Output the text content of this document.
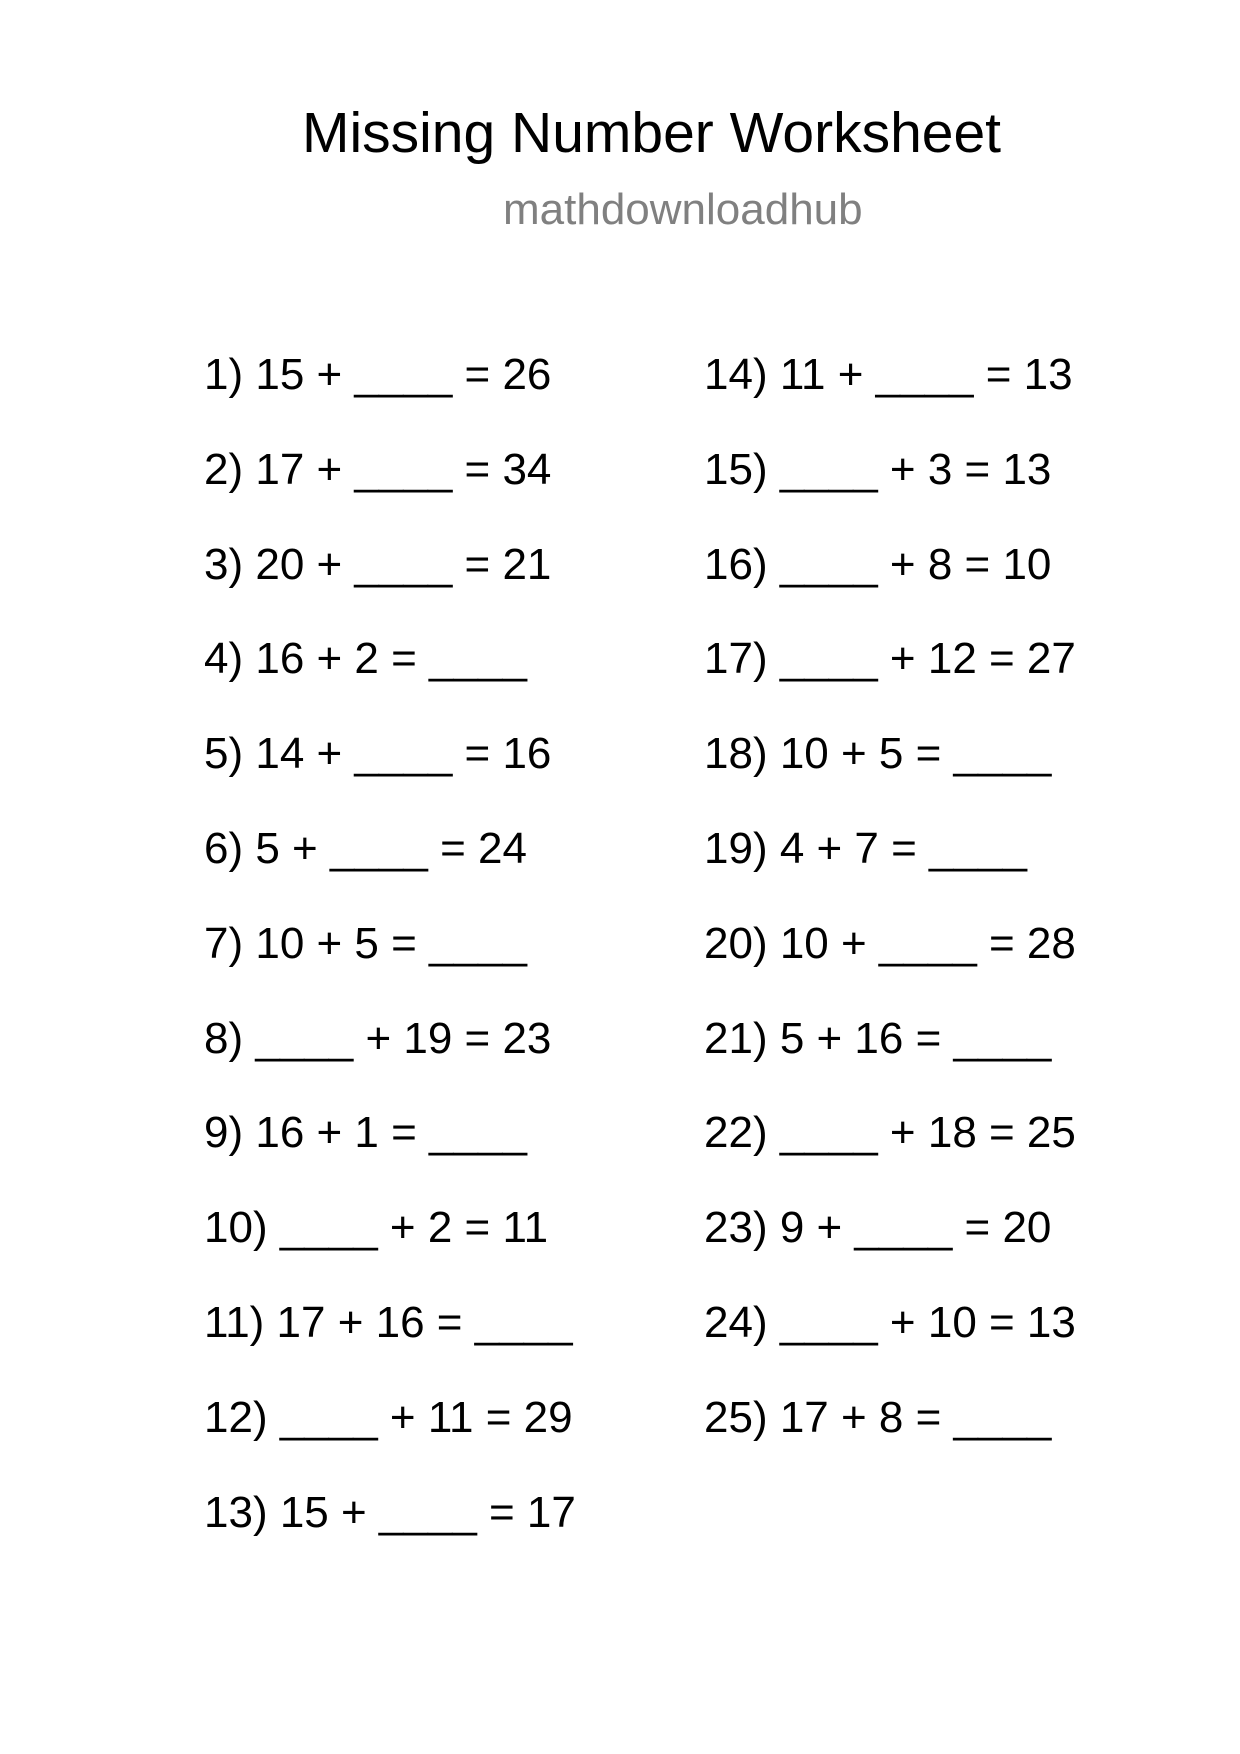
Missing Number Worksheet
mathdownloadhub
1) 15 + ____ = 26
2) 17 + ____ = 34
3) 20 + ____ = 21
4) 16 + 2 = ____
5) 14 + ____ = 16
6) 5 + ____ = 24
7) 10 + 5 = ____
8) ____ + 19 = 23
9) 16 + 1 = ____
10) ____ + 2 = 11
11) 17 + 16 = ____
12) ____ + 11 = 29
13) 15 + ____ = 17
14) 11 + ____ = 13
15) ____ + 3 = 13
16) ____ + 8 = 10
17) ____ + 12 = 27
18) 10 + 5 = ____
19) 4 + 7 = ____
20) 10 + ____ = 28
21) 5 + 16 = ____
22) ____ + 18 = 25
23) 9 + ____ = 20
24) ____ + 10 = 13
25) 17 + 8 = ____
